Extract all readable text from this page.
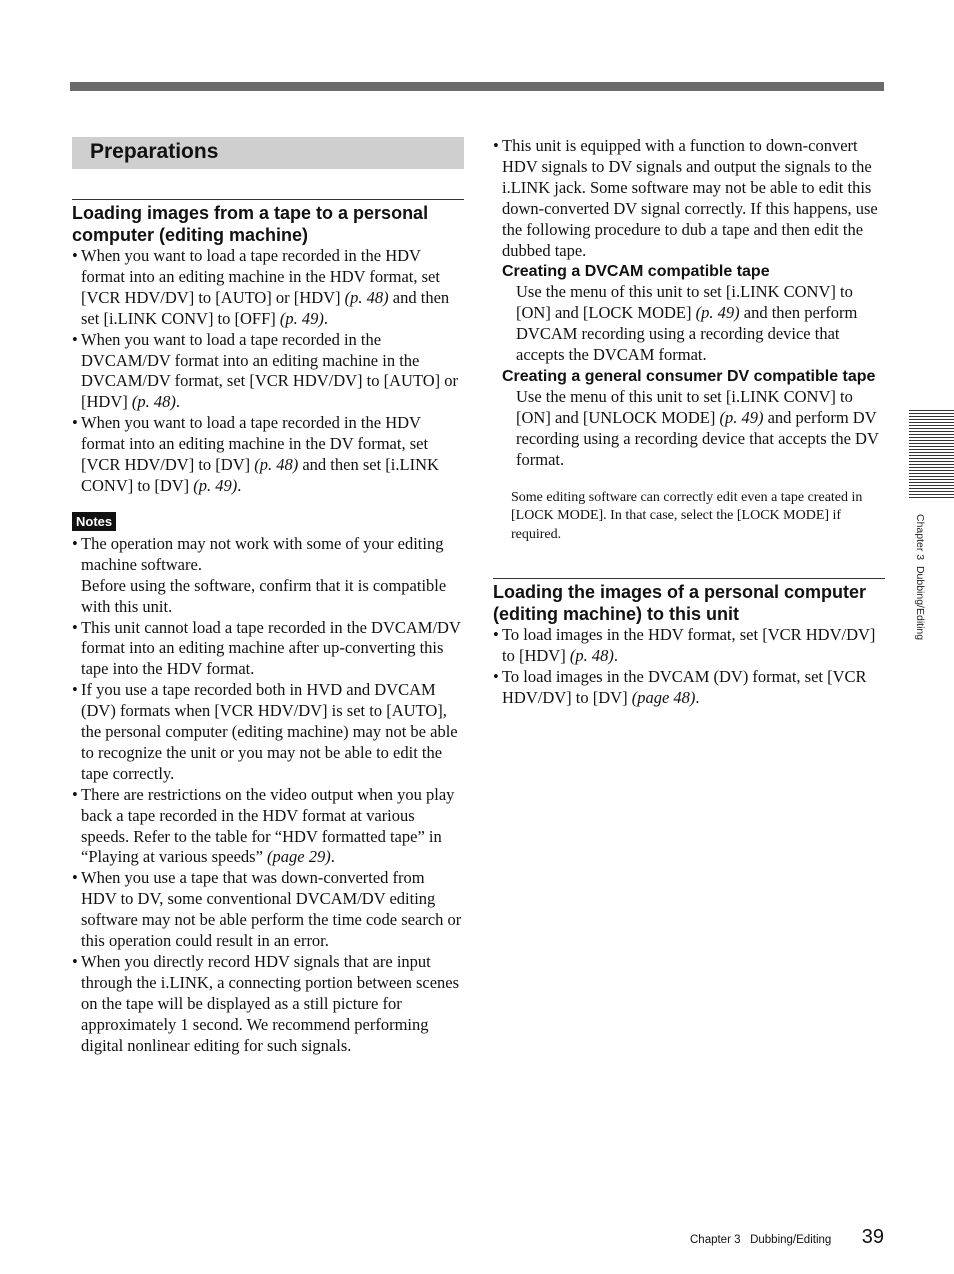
Preparations
Loading images from a tape to a personal computer (editing machine)
• When you want to load a tape recorded in the HDV format into an editing machine in the HDV format, set [VCR HDV/DV] to [AUTO] or [HDV] (p. 48) and then set [i.LINK CONV] to [OFF] (p. 49).
• When you want to load a tape recorded in the DVCAM/DV format into an editing machine in the DVCAM/DV format, set [VCR HDV/DV] to [AUTO] or [HDV] (p. 48).
• When you want to load a tape recorded in the HDV format into an editing machine in the DV format, set [VCR HDV/DV] to [DV] (p. 48) and then set [i.LINK CONV] to [DV] (p. 49).
Notes
• The operation may not work with some of your editing machine software.
Before using the software, confirm that it is compatible with this unit.
• This unit cannot load a tape recorded in the DVCAM/DV format into an editing machine after up-converting this tape into the HDV format.
• If you use a tape recorded both in HVD and DVCAM (DV) formats when [VCR HDV/DV] is set to [AUTO], the personal computer (editing machine) may not be able to recognize the unit or you may not be able to edit the tape correctly.
• There are restrictions on the video output when you play back a tape recorded in the HDV format at various speeds. Refer to the table for “HDV formatted tape” in “Playing at various speeds” (page 29).
• When you use a tape that was down-converted from HDV to DV, some conventional DVCAM/DV editing software may not be able perform the time code search or this operation could result in an error.
• When you directly record HDV signals that are input through the i.LINK, a connecting portion between scenes on the tape will be displayed as a still picture for approximately 1 second. We recommend performing digital nonlinear editing for such signals.
• This unit is equipped with a function to down-convert HDV signals to DV signals and output the signals to the i.LINK jack. Some software may not be able to edit this down-converted DV signal correctly. If this happens, use the following procedure to dub a tape and then edit the dubbed tape.
Creating a DVCAM compatible tape
Use the menu of this unit to set [i.LINK CONV] to [ON] and [LOCK MODE] (p. 49) and then perform DVCAM recording using a recording device that accepts the DVCAM format.
Creating a general consumer DV compatible tape
Use the menu of this unit to set [i.LINK CONV] to [ON] and [UNLOCK MODE] (p. 49) and perform DV recording using a recording device that accepts the DV format.
Some editing software can correctly edit even a tape created in [LOCK MODE]. In that case, select the [LOCK MODE] if required.
Loading the images of a personal computer (editing machine) to this unit
• To load images in the HDV format, set [VCR HDV/DV] to [HDV] (p. 48).
• To load images in the DVCAM (DV) format, set [VCR HDV/DV] to [DV] (page 48).
Chapter 3  Dubbing/Editing
Chapter 3   Dubbing/Editing 39
